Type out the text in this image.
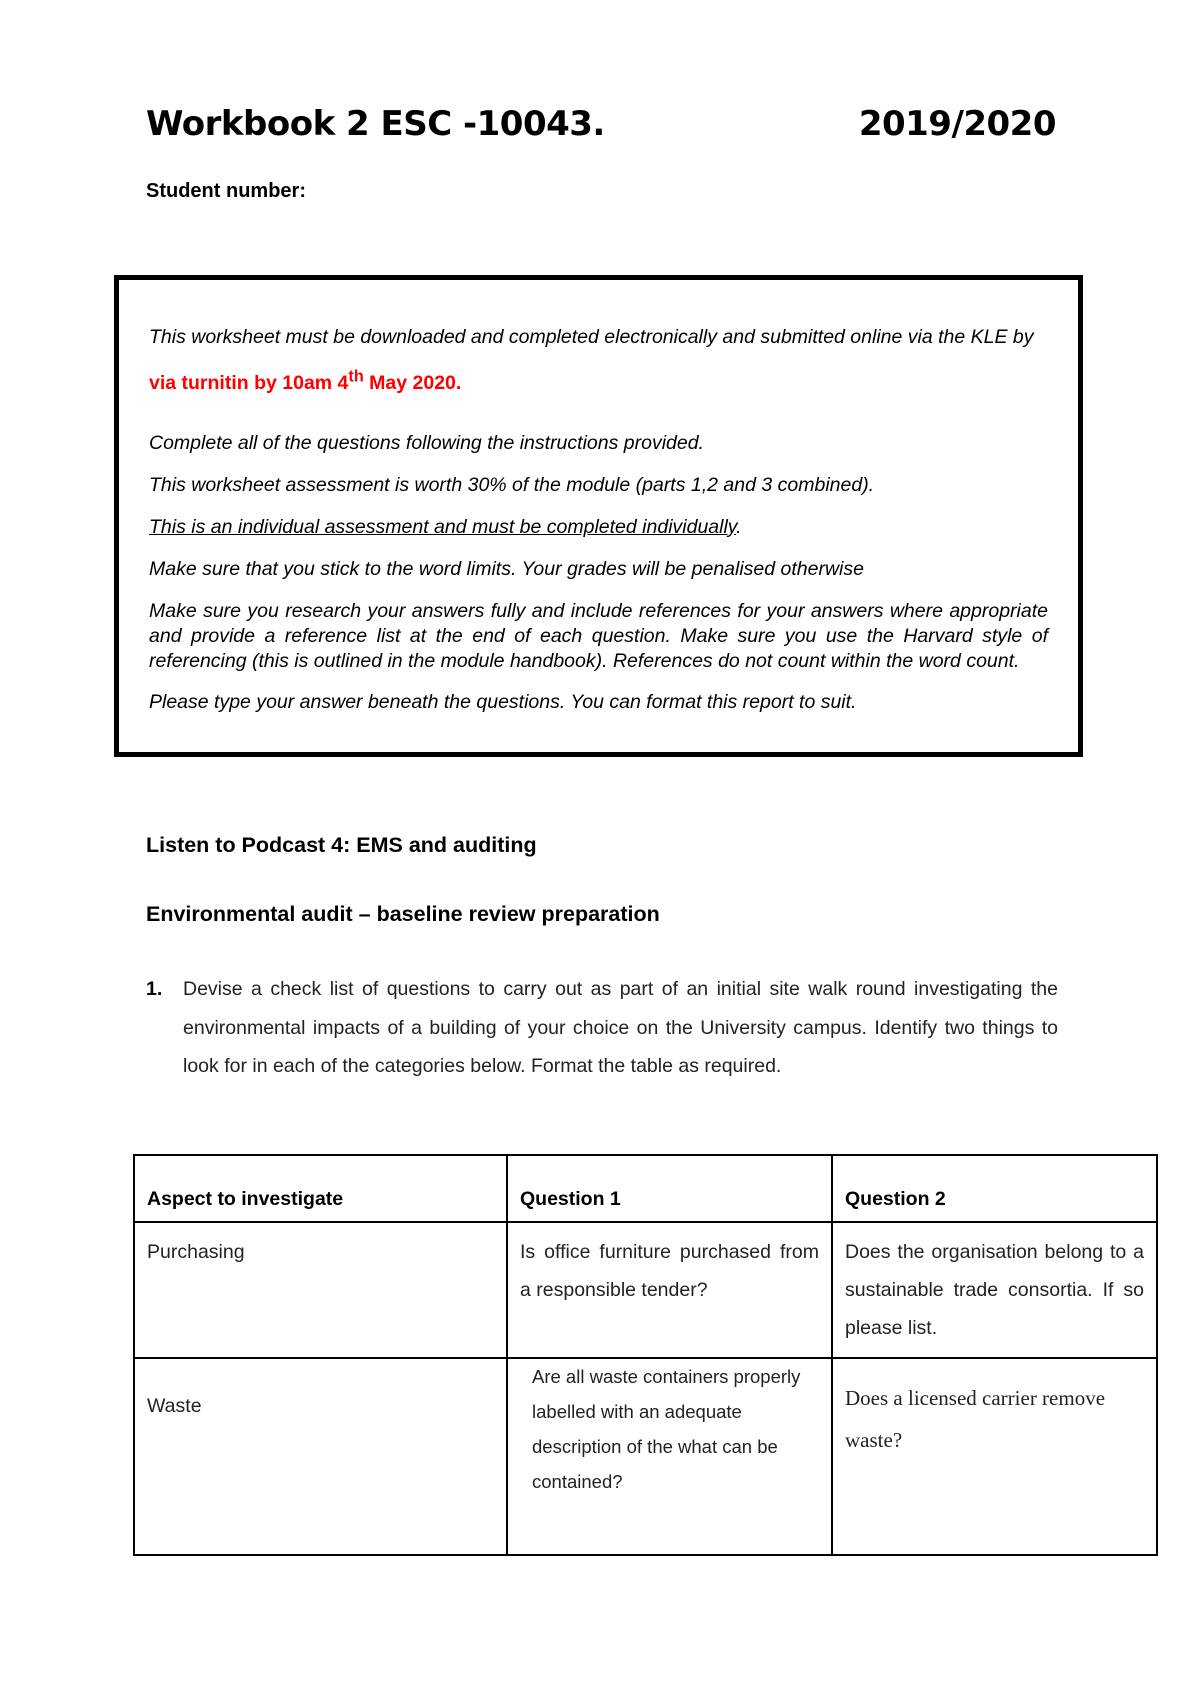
Workbook 2 ESC -10043.	2019/2020
Student number:

This worksheet must be downloaded and completed electronically and submitted online via the KLE by via turnitin by 10am 4th May 2020.

Complete all of the questions following the instructions provided.

This worksheet assessment is worth 30% of the module (parts 1,2 and 3 combined).

This is an individual assessment and must be completed individually.

Make sure that you stick to the word limits. Your grades will be penalised otherwise

Make sure you research your answers fully and include references for your answers where appropriate and provide a reference list at the end of each question. Make sure you use the Harvard style of referencing (this is outlined in the module handbook). References do not count within the word count.

Please type your answer beneath the questions. You can format this report to suit.

Listen to Podcast 4: EMS and auditing
Environmental audit – baseline review preparation
1. Devise a check list of questions to carry out as part of an initial site walk round investigating the environmental impacts of a building of your choice on the University campus. Identify two things to look for in each of the categories below. Format the table as required.
Aspect to investigate	Question 1	Question 2

Purchasing	Is office furniture purchased from a responsible tender?	Does the organisation belong to a sustainable trade consortia. If so please list.

Waste	Are all waste containers properly labelled with an adequate description of the what can be contained?	Does a licensed carrier remove waste?
